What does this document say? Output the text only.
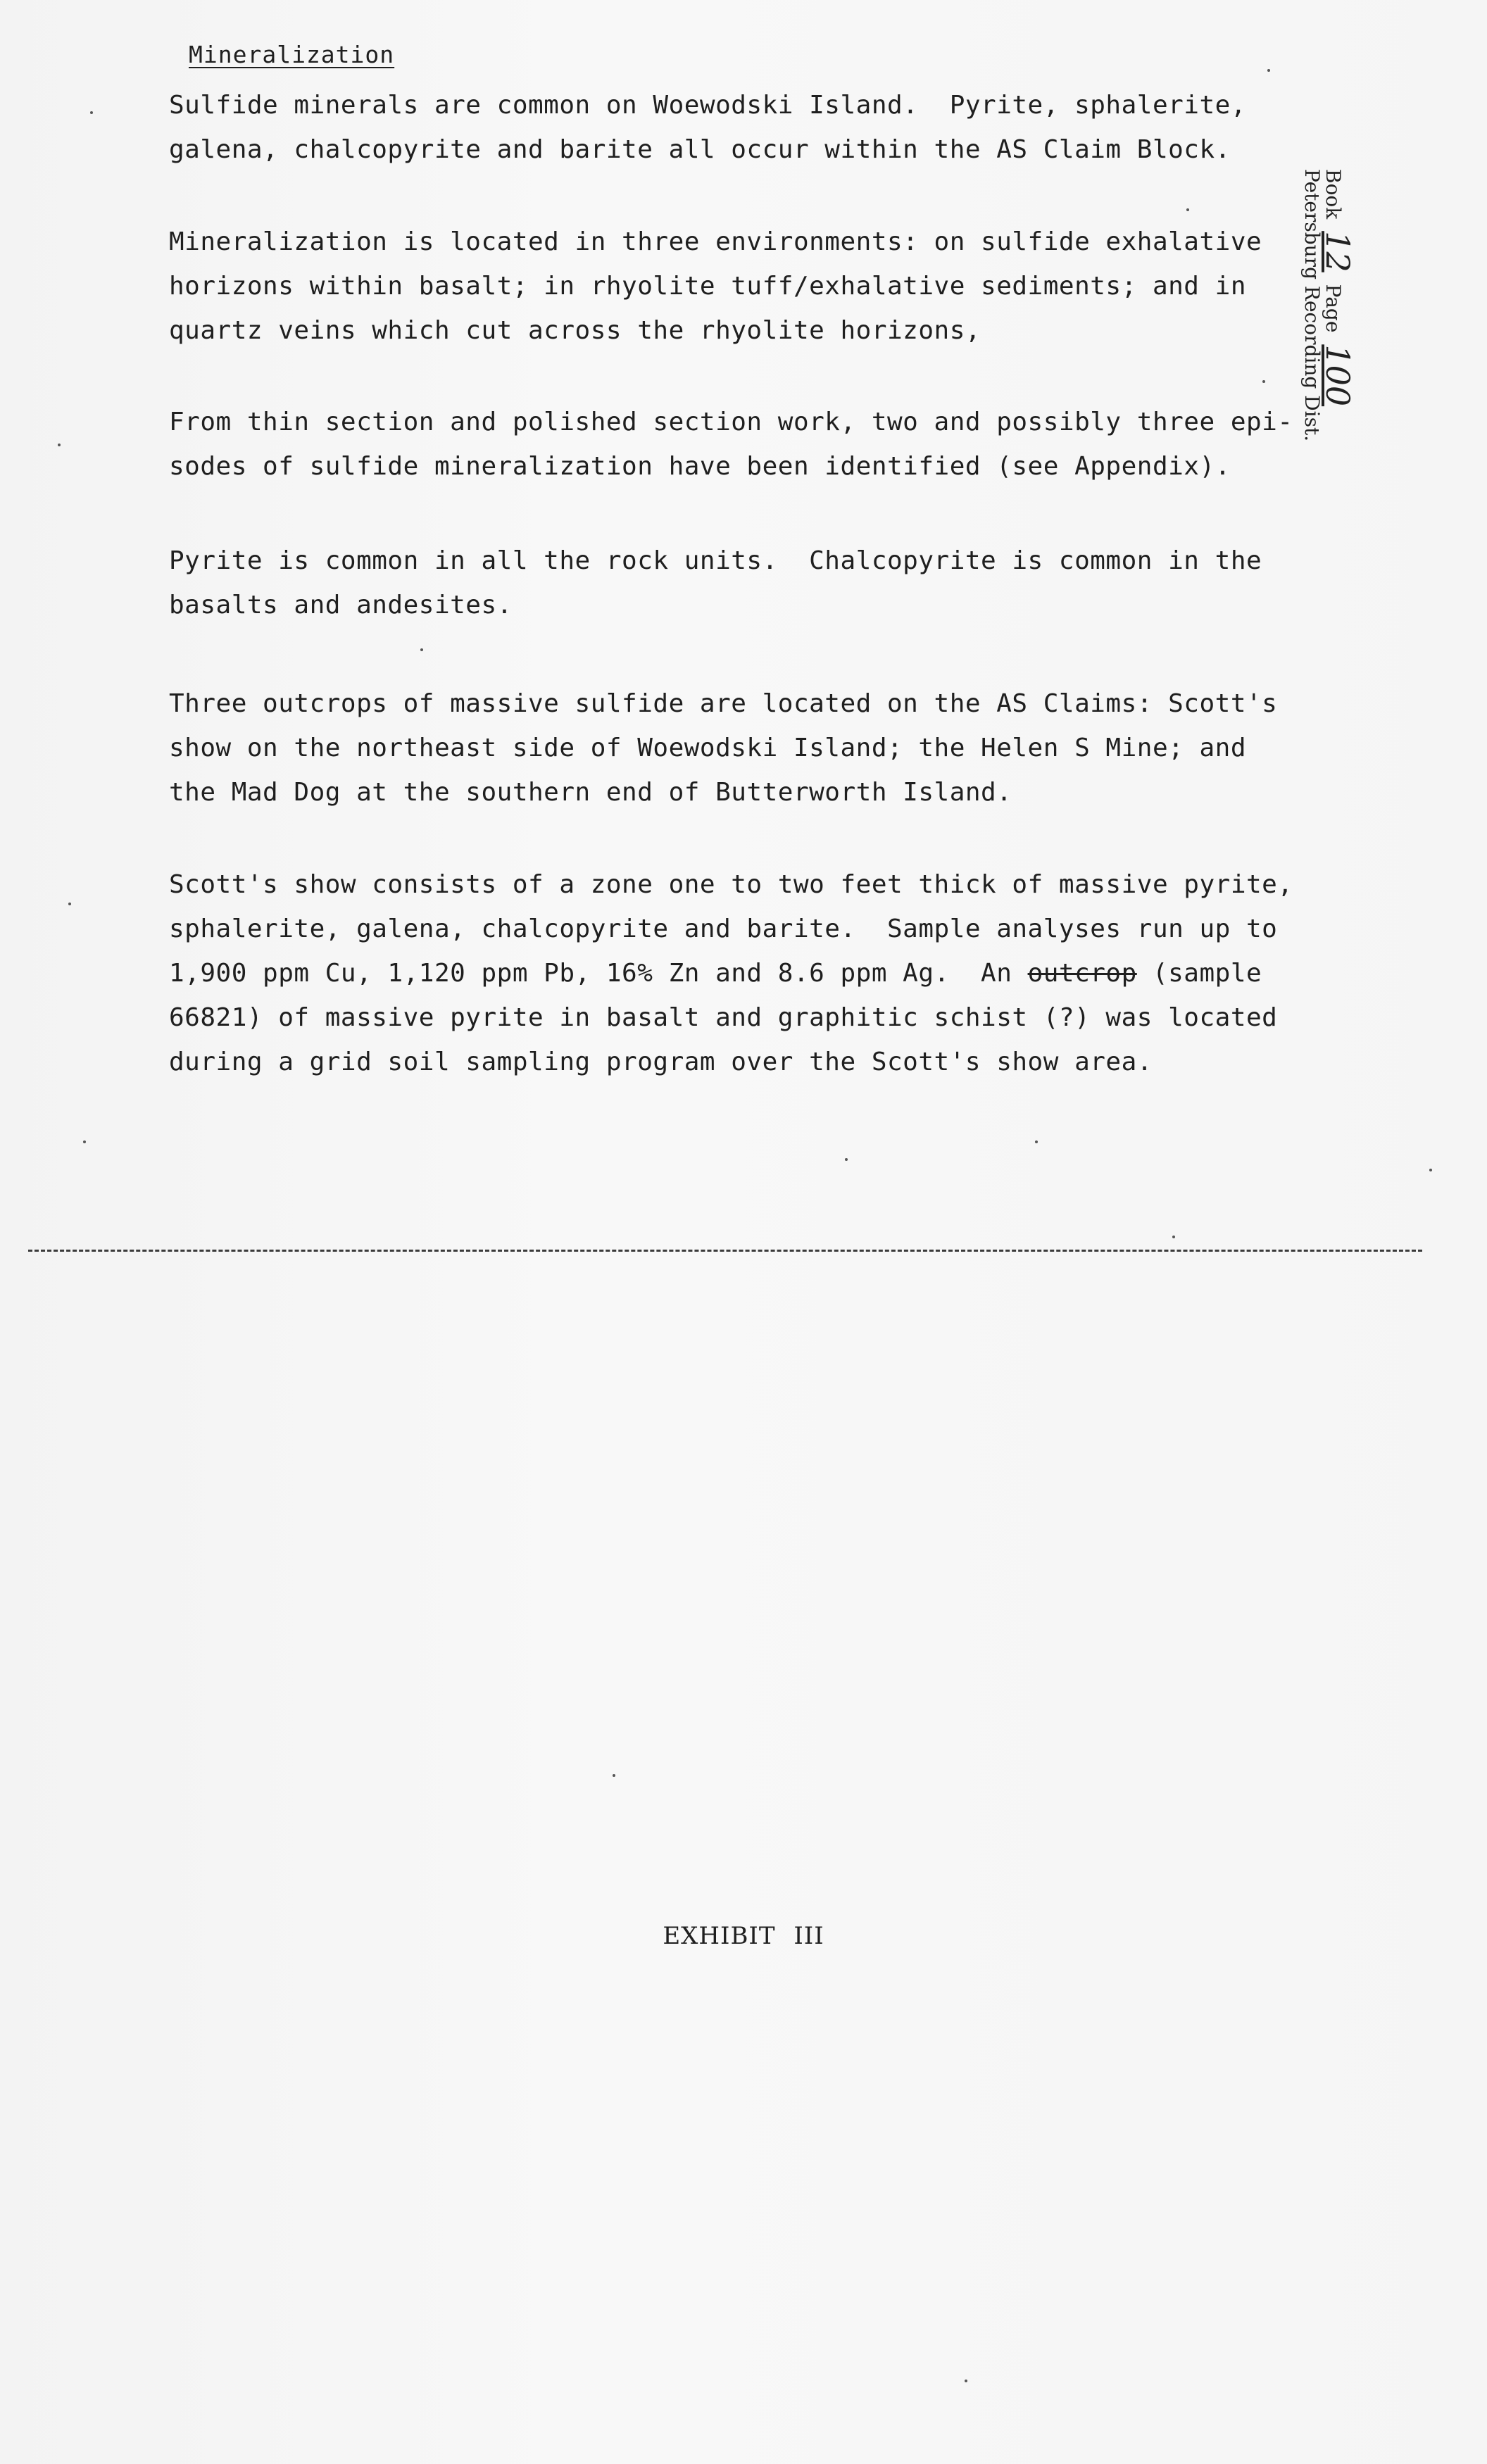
Mineralization
Sulfide minerals are common on Woewodski Island.  Pyrite, sphalerite,
galena, chalcopyrite and barite all occur within the AS Claim Block.
Mineralization is located in three environments: on sulfide exhalative
horizons within basalt; in rhyolite tuff/exhalative sediments; and in
quartz veins which cut across the rhyolite horizons,
From thin section and polished section work, two and possibly three epi-
sodes of sulfide mineralization have been identified (see Appendix).
Pyrite is common in all the rock units.  Chalcopyrite is common in the
basalts and andesites.
Three outcrops of massive sulfide are located on the AS Claims: Scott's
show on the northeast side of Woewodski Island; the Helen S Mine; and
the Mad Dog at the southern end of Butterworth Island.
Scott's show consists of a zone one to two feet thick of massive pyrite,
sphalerite, galena, chalcopyrite and barite.  Sample analyses run up to
1,900 ppm Cu, 1,120 ppm Pb, 16% Zn and 8.6 ppm Ag.  An outcrop (sample
66821) of massive pyrite in basalt and graphitic schist (?) was located
during a grid soil sampling program over the Scott's show area.
Book 12 Page 100
Petersburg Recording Dist.
EXHIBIT III
